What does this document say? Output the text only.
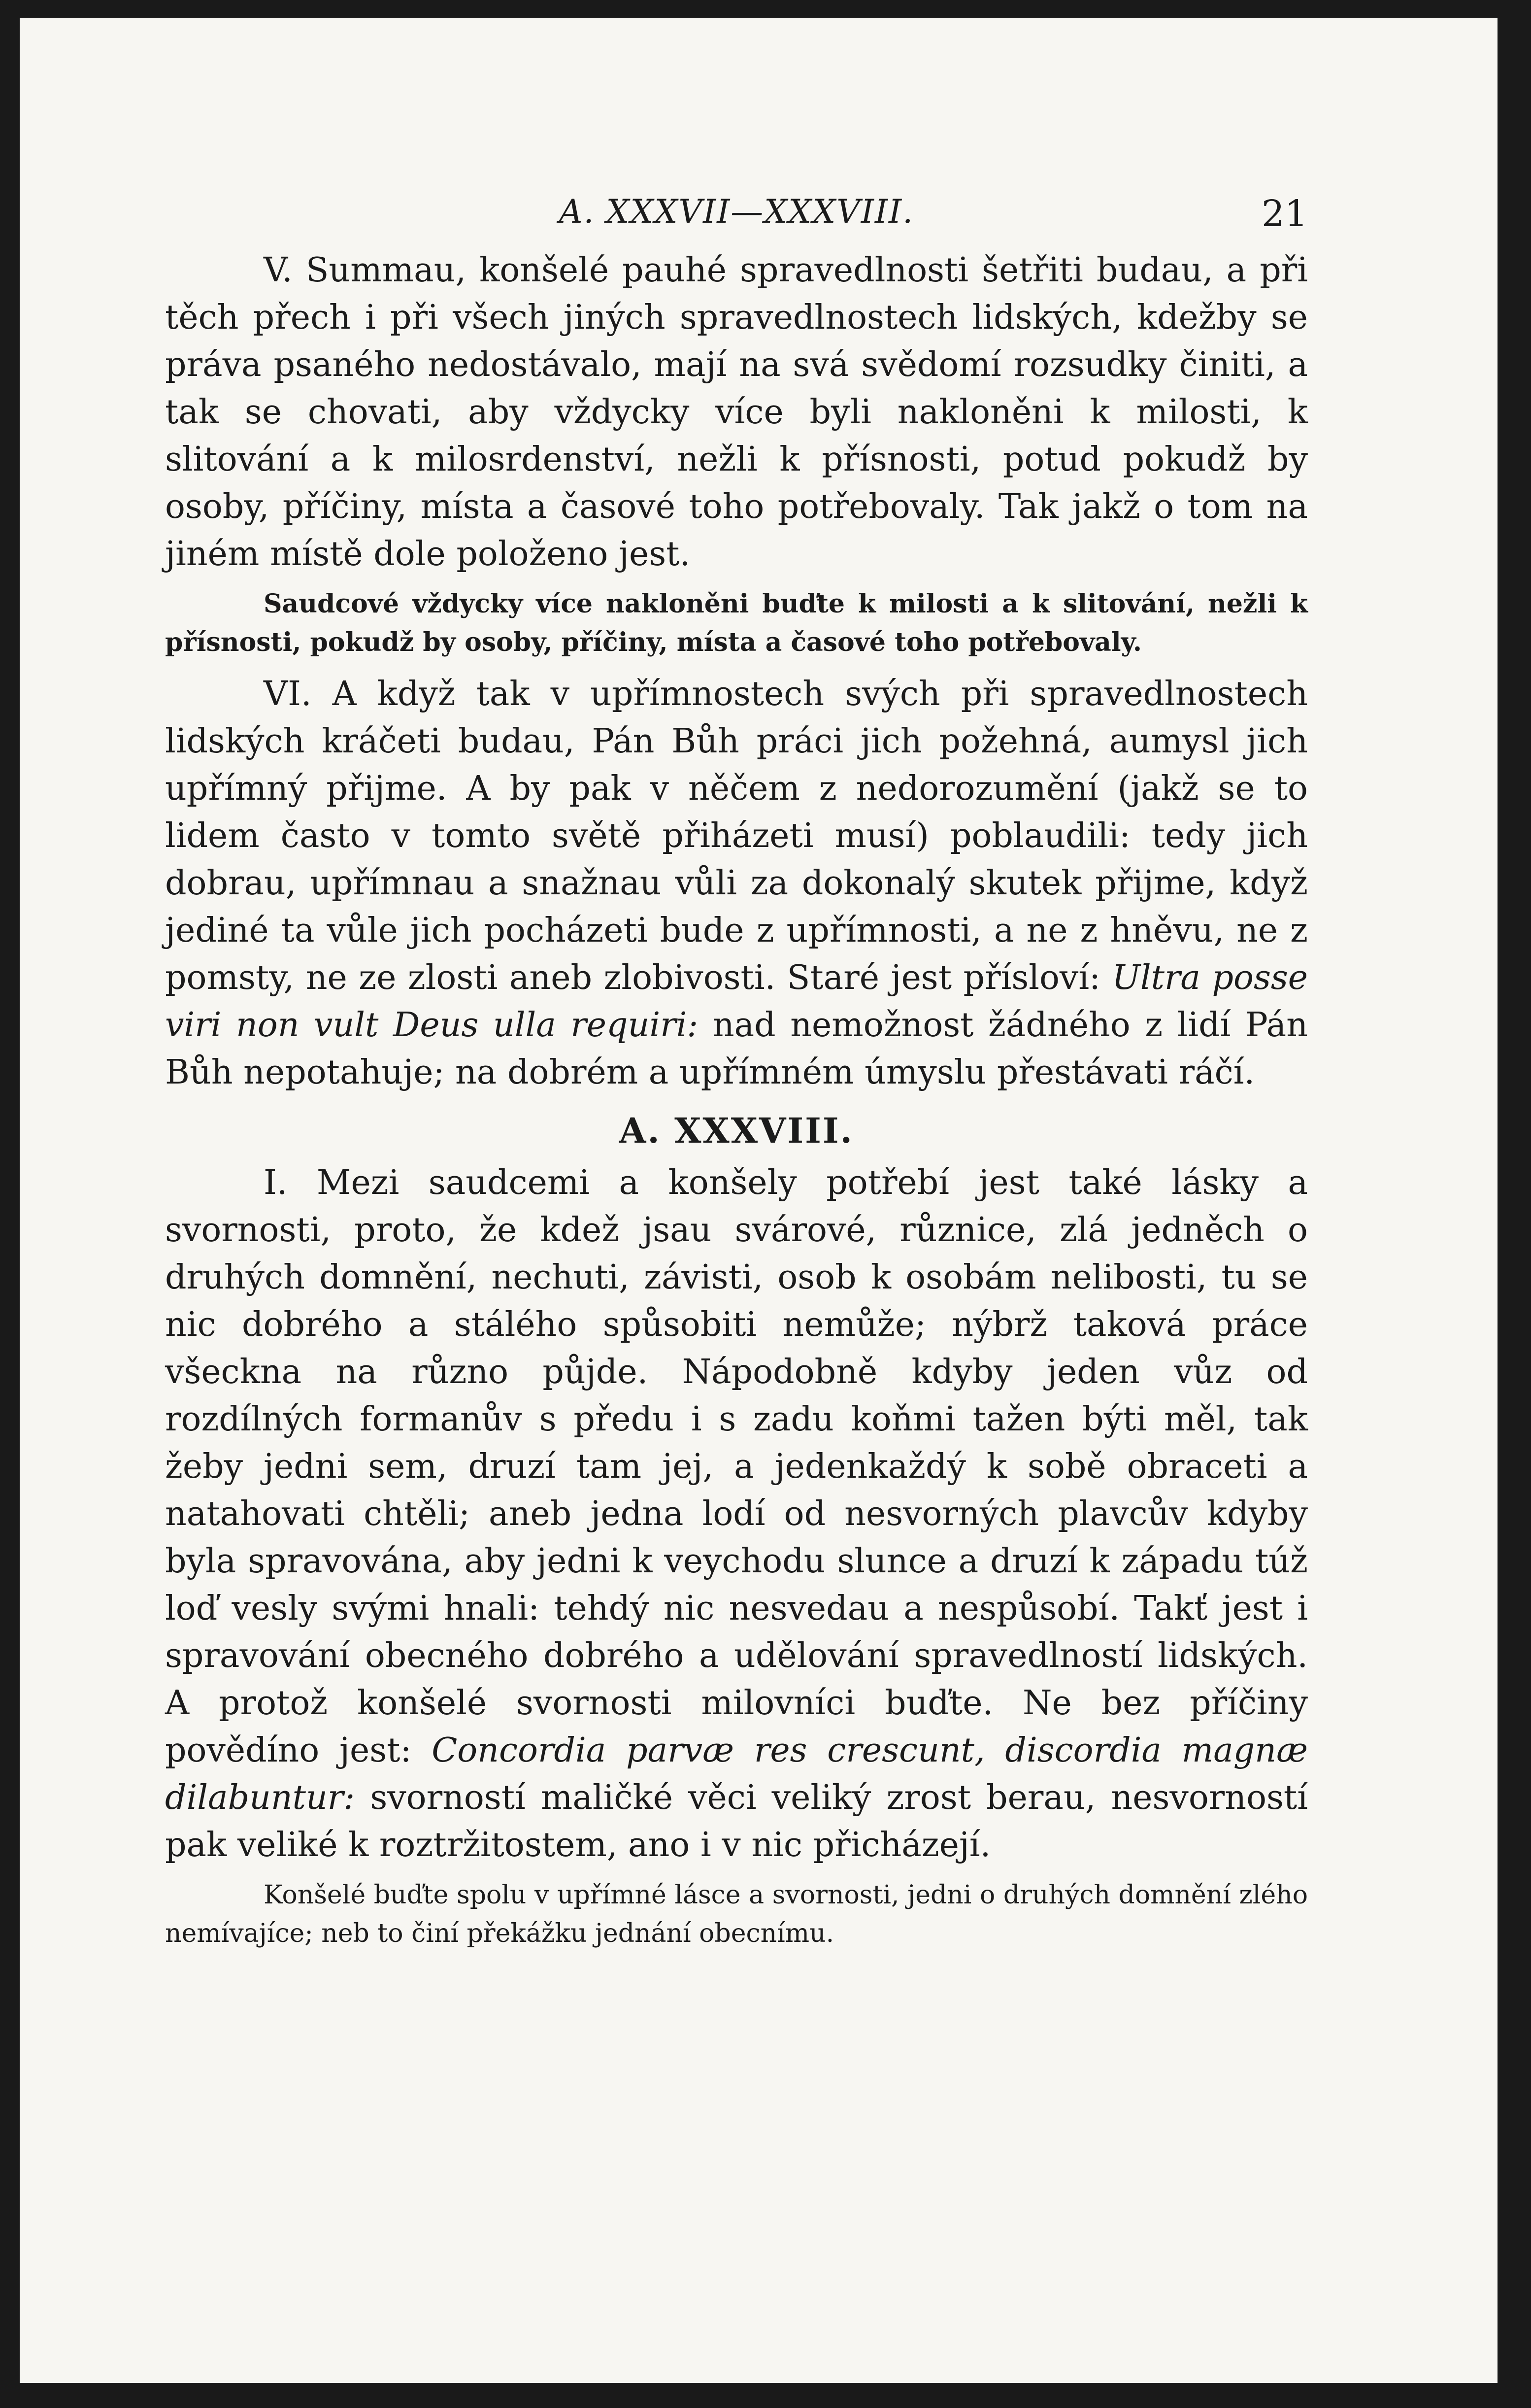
A. XXXVII—XXXVIII.	21

V. Summau, konšelé pauhé spravedlnosti šetřiti budau, a při těch přech i při všech jiných spravedlnostech lidských, kdežby se práva psaného nedostávalo, mají na svá svědomí rozsudky činiti, a tak se chovati, aby vždycky více byli nakloněni k milosti, k slitování a k milosrdenství, nežli k přísnosti, potud pokudž by osoby, příčiny, místa a časové toho potřebovaly. Tak jakž o tom na jiném místě dole položeno jest.

Saudcové vždycky více nakloněni buďte k milosti a k slitování, nežli k přísnosti, pokudž by osoby, příčiny, místa a časové toho potřebovaly.

VI. A když tak v upřímnostech svých při spravedlnostech lidských kráčeti budau, Pán Bůh práci jich požehná, aumysl jich upřímný přijme. A by pak v něčem z nedorozumění (jakž se to lidem často v tomto světě přiházeti musí) poblaudili: tedy jich dobrau, upřímnau a snažnau vůli za dokonalý skutek přijme, když jediné ta vůle jich pocházeti bude z upřímnosti, a ne z hněvu, ne z pomsty, ne ze zlosti aneb zlobivosti. Staré jest přísloví: Ultra posse viri non vult Deus ulla requiri: nad nemožnost žádného z lidí Pán Bůh nepotahuje; na dobrém a upřímném úmyslu přestávati ráčí.

A. XXXVIII.

I. Mezi saudcemi a konšely potřebí jest také lásky a svornosti, proto, že kdež jsau svárové, různice, zlá jedněch o druhých domnění, nechuti, závisti, osob k osobám nelibosti, tu se nic dobrého a stálého spůsobiti nemůže; nýbrž taková práce všeckna na různo půjde. Nápodobně kdyby jeden vůz od rozdílných formanův s předu i s zadu koňmi tažen býti měl, tak žeby jedni sem, druzí tam jej, a jedenkaždý k sobě obraceti a natahovati chtěli; aneb jedna lodí od nesvorných plavcův kdyby byla spravována, aby jedni k veychodu slunce a druzí k západu túž loď vesly svými hnali: tehdý nic nesvedau a nespůsobí. Takť jest i spravování obecného dobrého a udělování spravedlností lidských. A protož konšelé svornosti milovníci buďte. Ne bez příčiny povědíno jest: Concordia parvæ res crescunt, discordia magnæ dilabuntur: svorností maličké věci veliký zrost berau, nesvorností pak veliké k roztržitostem, ano i v nic přicházejí.

Konšelé buďte spolu v upřímné lásce a svornosti, jedni o druhých domnění zlého nemívajíce; neb to činí překážku jednání obecnímu.
